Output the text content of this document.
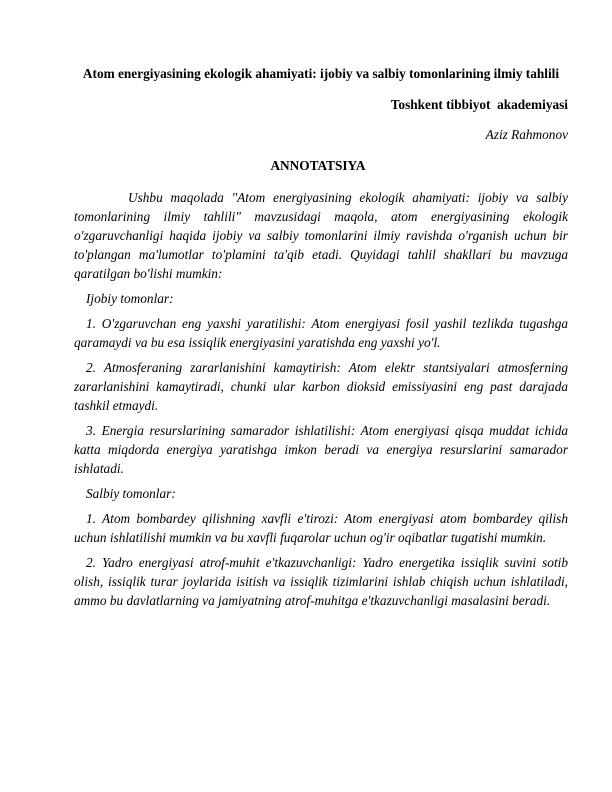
Atom energiyasining ekologik ahamiyati: ijobiy va salbiy tomonlarining ilmiy tahlili

Toshkent tibbiyot  akademiyasi
Aziz Rahmonov
ANNOTATSIYA

Ushbu maqolada "Atom energiyasining ekologik ahamiyati: ijobiy va salbiy tomonlarining ilmiy tahlili" mavzusidagi maqola, atom energiyasining ekologik o'zgaruvchanligi haqida ijobiy va salbiy tomonlarini ilmiy ravishda o'rganish uchun bir to'plangan ma'lumotlar to'plamini ta'qib etadi. Quyidagi tahlil shakllari bu mavzuga qaratilgan bo'lishi mumkin:

Ijobiy tomonlar:

1. O'zgaruvchan eng yaxshi yaratilishi: Atom energiyasi fosil yashil tezlikda tugashga qaramaydi va bu esa issiqlik energiyasini yaratishda eng yaxshi yo'l.

2. Atmosferaning zararlanishini kamaytirish: Atom elektr stantsiyalari atmosferning zararlanishini kamaytiradi, chunki ular karbon dioksid emissiyasini eng past darajada tashkil etmaydi.

3. Energia resurslarining samarador ishlatilishi: Atom energiyasi qisqa muddat ichida katta miqdorda energiya yaratishga imkon beradi va energiya resurslarini samarador ishlatadi.

Salbiy tomonlar:

1. Atom bombardey qilishning xavfli e'tirozi: Atom energiyasi atom bombardey qilish uchun ishlatilishi mumkin va bu xavfli fuqarolar uchun og'ir oqibatlar tugatishi mumkin.

2. Yadro energiyasi atrof-muhit e'tkazuvchanligi: Yadro energetika issiqlik suvini sotib olish, issiqlik turar joylarida isitish va issiqlik tizimlarini ishlab chiqish uchun ishlatiladi, ammo bu davlatlarning va jamiyatning atrof-muhitga e'tkazuvchanligi masalasini beradi.
